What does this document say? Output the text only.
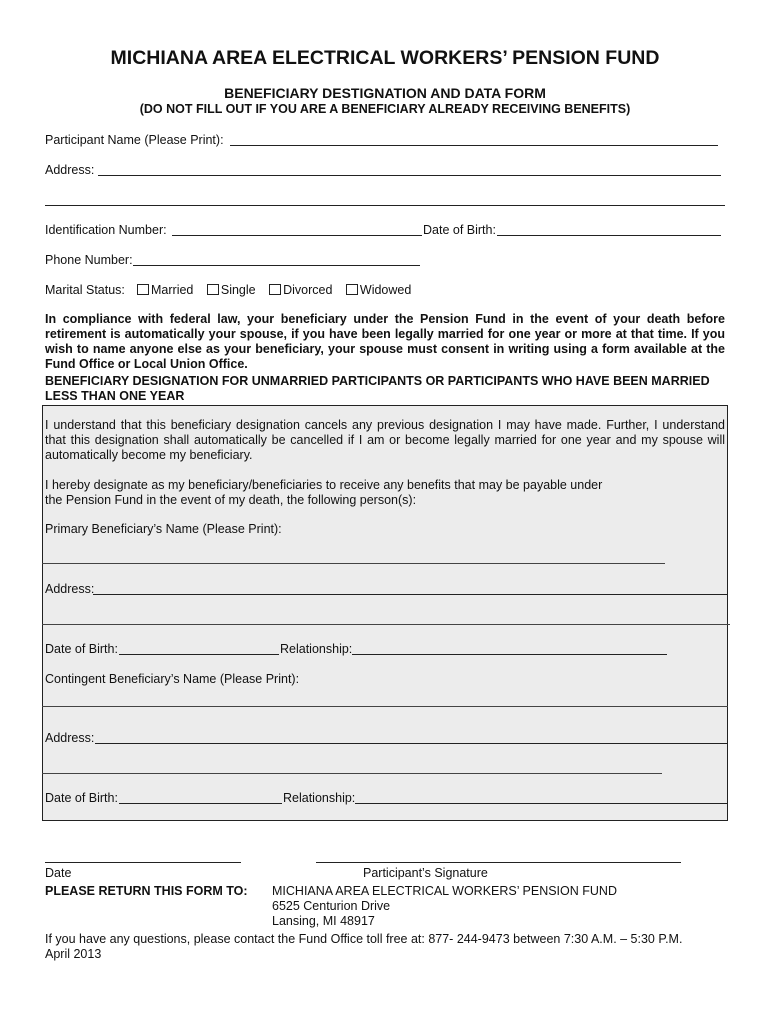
MICHIANA AREA ELECTRICAL WORKERS’ PENSION FUND
BENEFICIARY DESTIGNATION AND DATA FORM
(DO NOT FILL OUT IF YOU ARE A BENEFICIARY ALREADY RECEIVING BENEFITS)
Participant Name (Please Print):
Address:
Identification Number:	Date of Birth:
Phone Number:
Marital Status:	Married Single Divorced Widowed
In compliance with federal law, your beneficiary under the Pension Fund in the event of your death before retirement is automatically your spouse, if you have been legally married for one year or more at that time. If you wish to name anyone else as your beneficiary, your spouse must consent in writing using a form available at the Fund Office or Local Union Office.
BENEFICIARY DESIGNATION FOR UNMARRIED PARTICIPANTS OR PARTICIPANTS WHO HAVE BEEN MARRIED LESS THAN ONE YEAR
I understand that this beneficiary designation cancels any previous designation I may have made. Further, I understand that this designation shall automatically be cancelled if I am or become legally married for one year and my spouse will automatically become my beneficiary.
I hereby designate as my beneficiary/beneficiaries to receive any benefits that may be payable under
the Pension Fund in the event of my death, the following person(s):
Primary Beneficiary’s Name (Please Print):
Address:
Date of Birth:	Relationship:
Contingent Beneficiary’s Name (Please Print):
Address:
Date of Birth:	Relationship:
Date	Participant’s Signature
PLEASE RETURN THIS FORM TO: MICHIANA AREA ELECTRICAL WORKERS’ PENSION FUND
6525 Centurion Drive
Lansing, MI 48917
If you have any questions, please contact the Fund Office toll free at: 877- 244-9473 between 7:30 A.M. – 5:30 P.M.
April 2013
